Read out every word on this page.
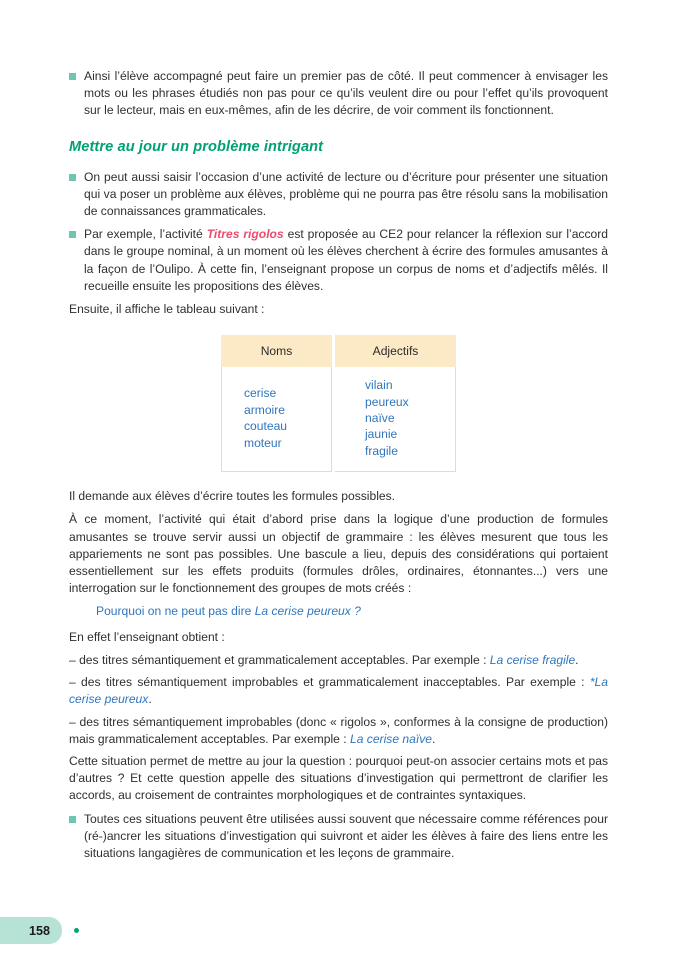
Ainsi l’élève accompagné peut faire un premier pas de côté. Il peut commencer à envisager les mots ou les phrases étudiés non pas pour ce qu’ils veulent dire ou pour l’effet qu’ils provoquent sur le lecteur, mais en eux-mêmes, afin de les décrire, de voir comment ils fonctionnent.

Mettre au jour un problème intrigant

On peut aussi saisir l’occasion d’une activité de lecture ou d’écriture pour présenter une situation qui va poser un problème aux élèves, problème qui ne pourra pas être résolu sans la mobilisation de connaissances grammaticales.

Par exemple, l’activité Titres rigolos est proposée au CE2 pour relancer la réflexion sur l’accord dans le groupe nominal, à un moment où les élèves cherchent à écrire des formules amusantes à la façon de l’Oulipo. À cette fin, l’enseignant propose un corpus de noms et d’adjectifs mêlés. Il recueille ensuite les propositions des élèves.

Ensuite, il affiche le tableau suivant :

Noms		Adjectifs

cerise
armoire
couteau
moteur

vilain
peureux
naïve
jaunie
fragile

Il demande aux élèves d’écrire toutes les formules possibles.

À ce moment, l’activité qui était d’abord prise dans la logique d’une production de formules amusantes se trouve servir aussi un objectif de grammaire : les élèves mesurent que tous les appariements ne sont pas possibles. Une bascule a lieu, depuis des considérations qui portaient essentiellement sur les effets produits (formules drôles, ordinaires, étonnantes...) vers une interrogation sur le fonctionnement des groupes de mots créés :

Pourquoi on ne peut pas dire La cerise peureux ?

En effet l’enseignant obtient :

– des titres sémantiquement et grammaticalement acceptables. Par exemple : La cerise fragile.

– des titres sémantiquement improbables et grammaticalement inacceptables. Par exemple : *La cerise peureux.

– des titres sémantiquement improbables (donc « rigolos », conformes à la consigne de production) mais grammaticalement acceptables. Par exemple : La cerise naïve.

Cette situation permet de mettre au jour la question : pourquoi peut-on associer certains mots et pas d’autres ? Et cette question appelle des situations d’investigation qui permettront de clarifier les accords, au croisement de contraintes morphologiques et de contraintes syntaxiques.

Toutes ces situations peuvent être utilisées aussi souvent que nécessaire comme références pour (ré-)ancrer les situations d’investigation qui suivront et aider les élèves à faire des liens entre les situations langagières de communication et les leçons de grammaire.

158
